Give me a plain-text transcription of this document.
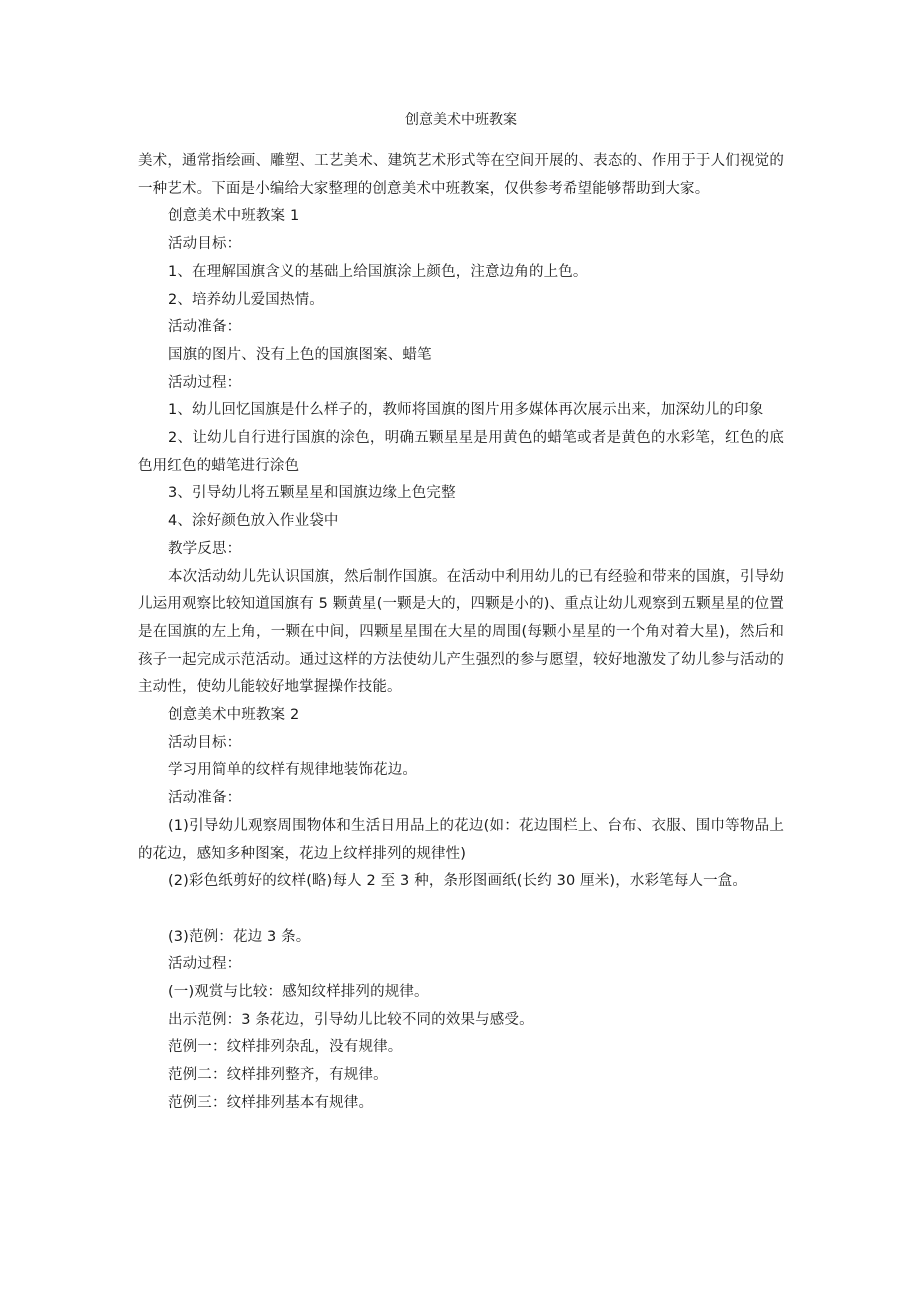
创意美术中班教案

美术，通常指绘画、雕塑、工艺美术、建筑艺术形式等在空间开展的、表态的、作用于于人们视觉的一种艺术。下面是小编给大家整理的创意美术中班教案，仅供参考希望能够帮助到大家。

创意美术中班教案 1

活动目标：

1、在理解国旗含义的基础上给国旗涂上颜色，注意边角的上色。

2、培养幼儿爱国热情。

活动准备：

国旗的图片、没有上色的国旗图案、蜡笔

活动过程：

1、幼儿回忆国旗是什么样子的，教师将国旗的图片用多媒体再次展示出来，加深幼儿的印象

2、让幼儿自行进行国旗的涂色，明确五颗星星是用黄色的蜡笔或者是黄色的水彩笔，红色的底色用红色的蜡笔进行涂色

3、引导幼儿将五颗星星和国旗边缘上色完整

4、涂好颜色放入作业袋中

教学反思：

本次活动幼儿先认识国旗，然后制作国旗。在活动中利用幼儿的已有经验和带来的国旗，引导幼儿运用观察比较知道国旗有 5 颗黄星(一颗是大的，四颗是小的)、重点让幼儿观察到五颗星星的位置是在国旗的左上角，一颗在中间，四颗星星围在大星的周围(每颗小星星的一个角对着大星)，然后和孩子一起完成示范活动。通过这样的方法使幼儿产生强烈的参与愿望，较好地激发了幼儿参与活动的主动性，使幼儿能较好地掌握操作技能。

创意美术中班教案 2

活动目标：

学习用简单的纹样有规律地装饰花边。

活动准备：

(1)引导幼儿观察周围物体和生活日用品上的花边(如：花边围栏上、台布、衣服、围巾等物品上的花边，感知多种图案，花边上纹样排列的规律性)

(2)彩色纸剪好的纹样(略)每人 2 至 3 种，条形图画纸(长约 30 厘米)，水彩笔每人一盒。

(3)范例：花边 3 条。

活动过程：

(一)观赏与比较：感知纹样排列的规律。

出示范例：3 条花边，引导幼儿比较不同的效果与感受。

范例一：纹样排列杂乱，没有规律。

范例二：纹样排列整齐，有规律。

范例三：纹样排列基本有规律。
